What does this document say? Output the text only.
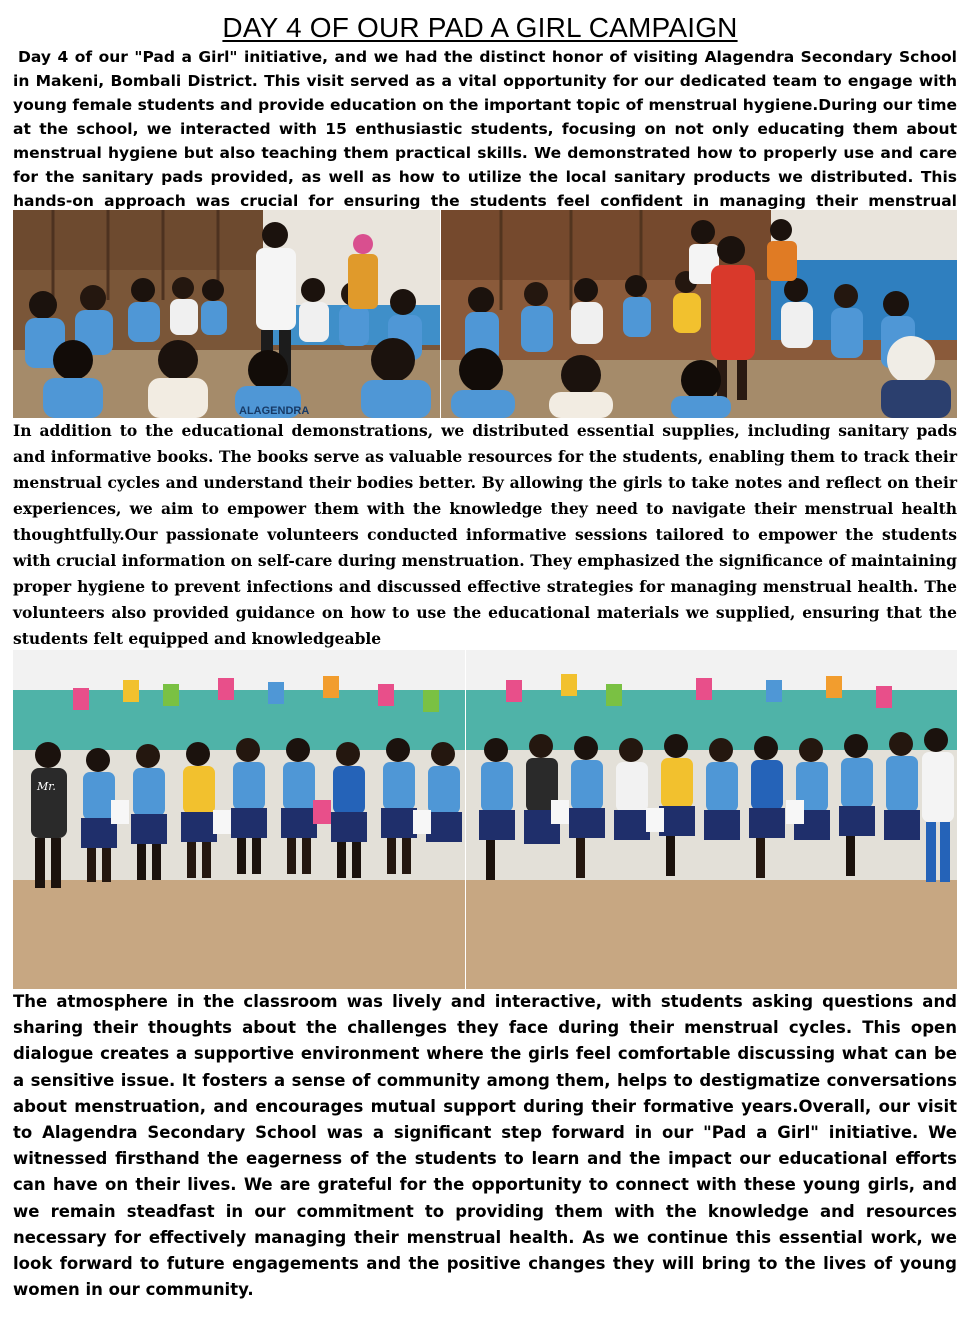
DAY 4 OF OUR PAD A GIRL CAMPAIGN

Day 4 of our "Pad a Girl" initiative, and we had the distinct honor of visiting Alagendra Secondary School in Makeni, Bombali District. This visit served as a vital opportunity for our dedicated team to engage with young female students and provide education on the important topic of menstrual hygiene.During our time at the school, we interacted with 15 enthusiastic students, focusing on not only educating them about menstrual hygiene but also teaching them practical skills. We demonstrated how to properly use and care for the sanitary pads provided, as well as how to utilize the local sanitary products we distributed. This hands-on approach was crucial for ensuring the students feel confident in managing their menstrual

ALAGENDRA

In addition to the educational demonstrations, we distributed essential supplies, including sanitary pads and informative books. The books serve as valuable resources for the students, enabling them to track their menstrual cycles and understand their bodies better. By allowing the girls to take notes and reflect on their experiences, we aim to empower them with the knowledge they need to navigate their menstrual health thoughtfully.Our passionate volunteers conducted informative sessions tailored to empower the students with crucial information on self-care during menstruation. They emphasized the significance of maintaining proper hygiene to prevent infections and discussed effective strategies for managing menstrual health. The volunteers also provided guidance on how to use the educational materials we supplied, ensuring that the students felt equipped and knowledgeable

Mr.

The atmosphere in the classroom was lively and interactive, with students asking questions and sharing their thoughts about the challenges they face during their menstrual cycles. This open dialogue creates a supportive environment where the girls feel comfortable discussing what can be a sensitive issue. It fosters a sense of community among them, helps to destigmatize conversations about menstruation, and encourages mutual support during their formative years.Overall, our visit to Alagendra Secondary School was a significant step forward in our "Pad a Girl" initiative. We witnessed firsthand the eagerness of the students to learn and the impact our educational efforts can have on their lives. We are grateful for the opportunity to connect with these young girls, and we remain steadfast in our commitment to providing them with the knowledge and resources necessary for effectively managing their menstrual health. As we continue this essential work, we look forward to future engagements and the positive changes they will bring to the lives of young women in our community.
